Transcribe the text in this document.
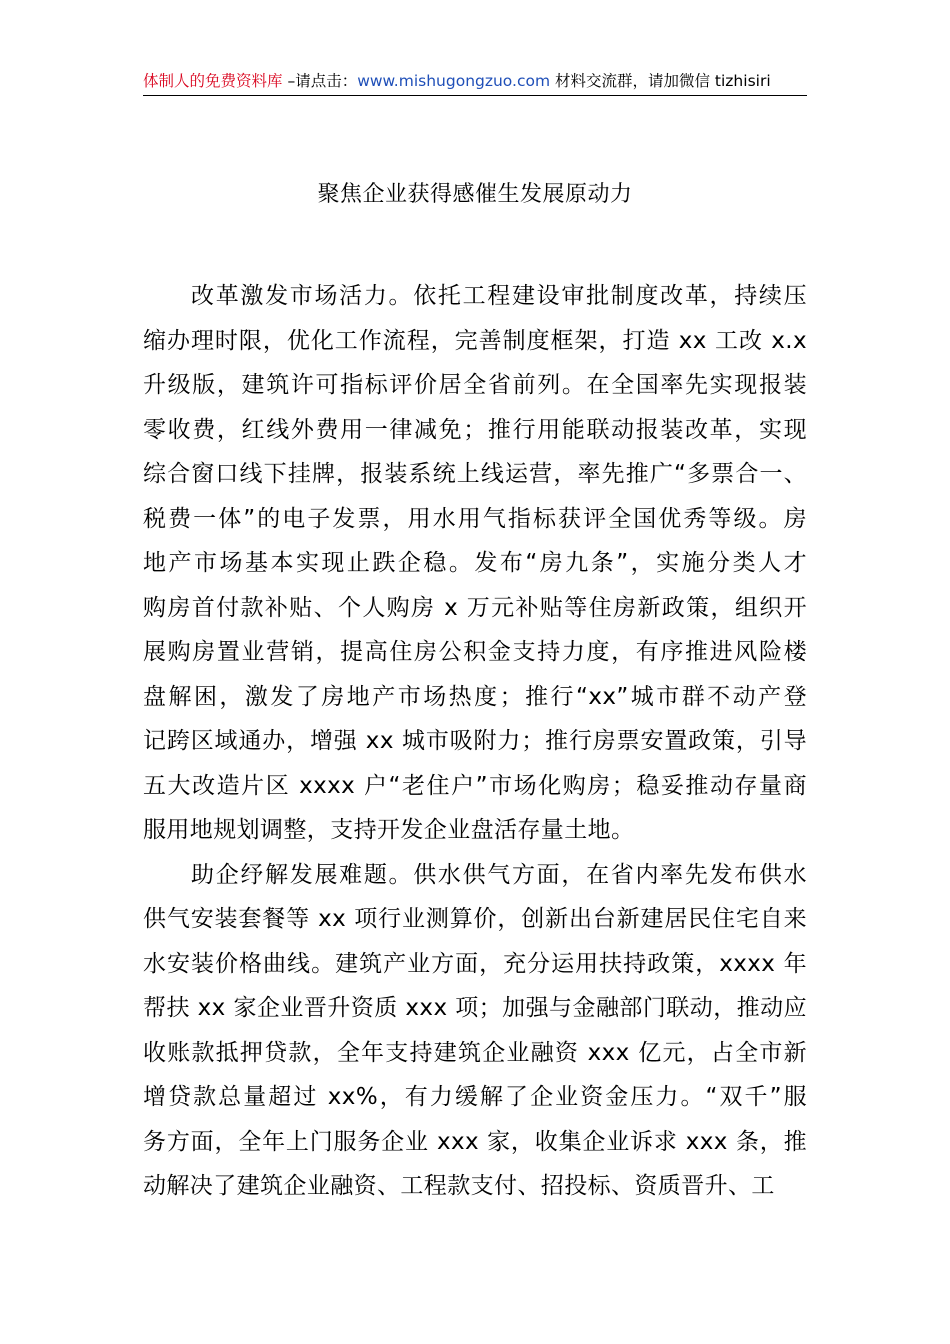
体制人的免费资料库 –请点击：www.mishugongzuo.com 材料交流群，请加微信 tizhisiri
聚焦企业获得感催生发展原动力

改革激发市场活力。依托工程建设审批制度改革，持续压
缩办理时限，优化工作流程，完善制度框架，打造 xx 工改 x.x
升级版，建筑许可指标评价居全省前列。在全国率先实现报装
零收费，红线外费用一律减免；推行用能联动报装改革，实现
综合窗口线下挂牌，报装系统上线运营，率先推广“多票合一、
税费一体”的电子发票，用水用气指标获评全国优秀等级。房
地产市场基本实现止跌企稳。发布“房九条”，实施分类人才
购房首付款补贴、个人购房 x 万元补贴等住房新政策，组织开
展购房置业营销，提高住房公积金支持力度，有序推进风险楼
盘解困，激发了房地产市场热度；推行“xx”城市群不动产登
记跨区域通办，增强 xx 城市吸附力；推行房票安置政策，引导
五大改造片区 xxxx 户“老住户”市场化购房；稳妥推动存量商
服用地规划调整，支持开发企业盘活存量土地。

助企纾解发展难题。供水供气方面，在省内率先发布供水
供气安装套餐等 xx 项行业测算价，创新出台新建居民住宅自来
水安装价格曲线。建筑产业方面，充分运用扶持政策，xxxx 年
帮扶 xx 家企业晋升资质 xxx 项；加强与金融部门联动，推动应
收账款抵押贷款，全年支持建筑企业融资 xxx 亿元，占全市新
增贷款总量超过 xx%，有力缓解了企业资金压力。“双千”服
务方面，全年上门服务企业 xxx 家，收集企业诉求 xxx 条，推
动解决了建筑企业融资、工程款支付、招投标、资质晋升、工
